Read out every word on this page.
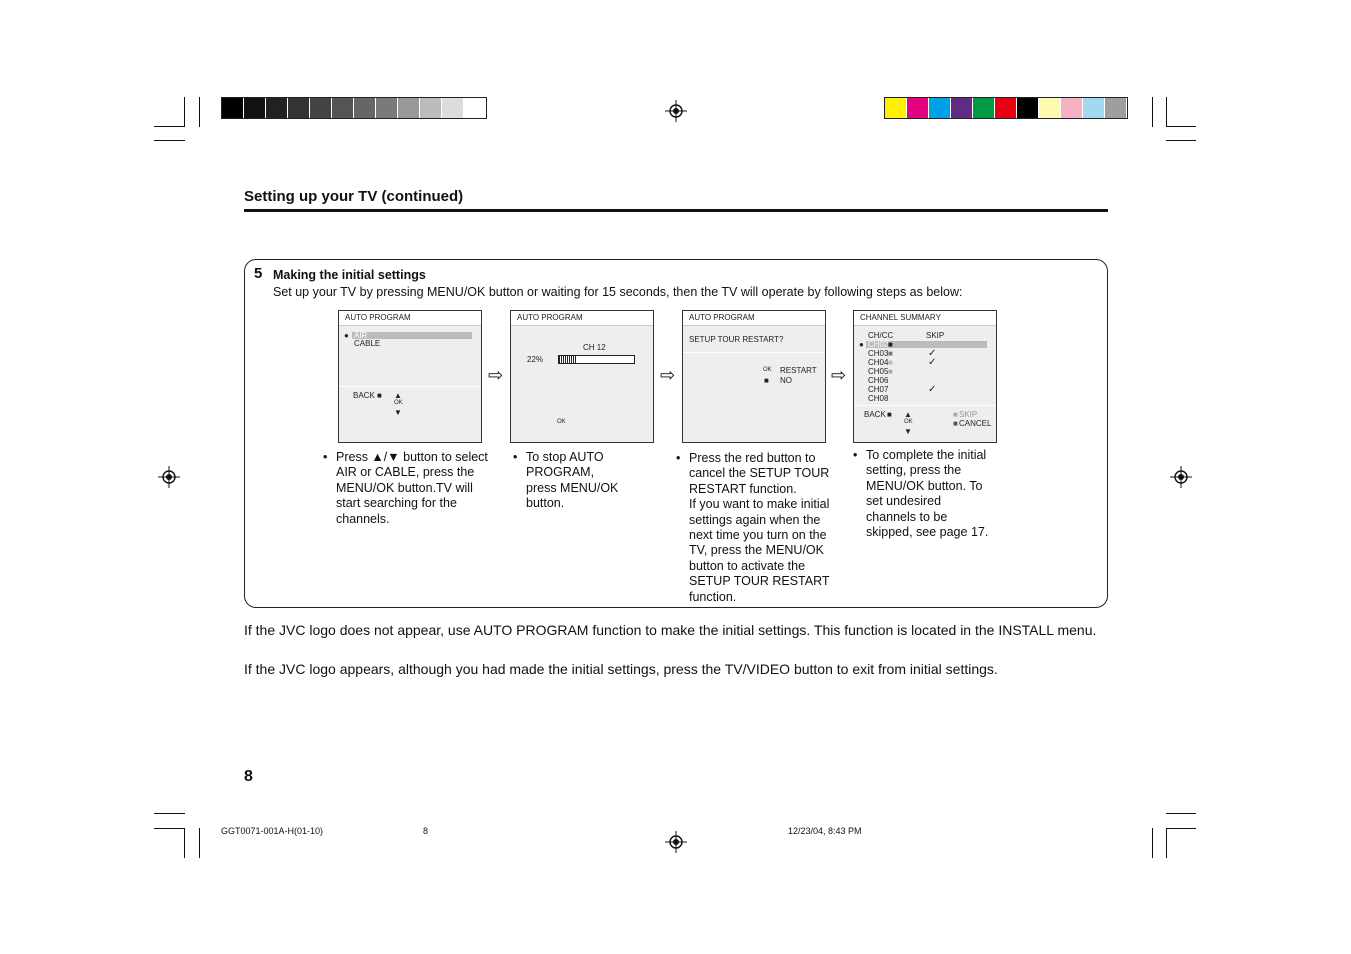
Setting up your TV (continued)
5 Making the initial settings
Set up your TV by pressing MENU/OK button or waiting for 15 seconds, then the TV will operate by following steps as below:
AUTO PROGRAM
● AIR
CABLE
BACK ■ ▲
OK
▼
AUTO PROGRAM
CH 12
22%
OK
AUTO PROGRAM
SETUP TOUR RESTART?
OK RESTART
■ NO
CHANNEL SUMMARY
CH/CC	SKIP
● CH02 ■
CH03 ■	✓
CH04 ■	✓
CH05 ■
CH06
CH07	✓
CH08
BACK ■ ▲
OK
▼
■ SKIP
■ CANCEL
⇨	⇨	⇨
• Press ▲/▼ button to select
AIR or CABLE, press the
MENU/OK button.TV will
start searching for the
channels.
• To stop AUTO
PROGRAM,
press MENU/OK
button.
• Press the red button to
cancel the SETUP TOUR
RESTART function.
If you want to make initial
settings again when the
next time you turn on the
TV, press the MENU/OK
button to activate the
SETUP TOUR RESTART
function.
• To complete the initial
setting, press the
MENU/OK button. To
set undesired
channels to be
skipped, see page 17.
If the JVC logo does not appear, use AUTO PROGRAM function to make the initial settings. This function is located in the INSTALL menu.
If the JVC logo appears, although you had made the initial settings, press the TV/VIDEO button to exit from initial settings.
8
GGT0071-001A-H(01-10)	8	12/23/04, 8:43 PM
